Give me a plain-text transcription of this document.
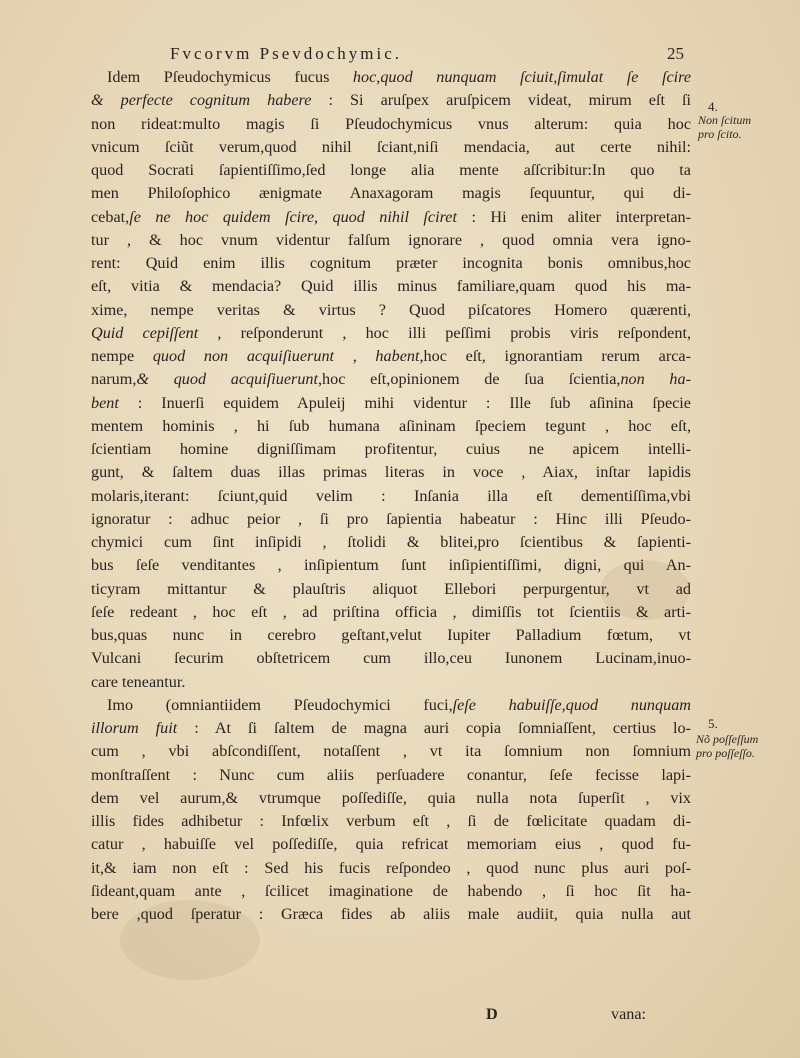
Fvcorvm Psevdochymic.	25
Idem Pſeudochymicus fucus hoc,quod nunquam ſciuit,ſimulat ſe ſcire
& perfecte cognitum habere : Si aruſpex aruſpicem videat, mirum eſt ſi
non rideat:multo magis ſi Pſeudochymicus vnus alterum: quia hoc
vnicum ſciũt verum,quod nihil ſciant,niſi mendacia, aut certe nihil:
quod Socrati ſapientiſſimo,ſed longe alia mente aſſcribitur:In quo ta
men Philoſophico ænigmate Anaxagoram magis ſequuntur, qui di-
cebat,ſe ne hoc quidem ſcire, quod nihil ſciret : Hi enim aliter interpretan-
tur , & hoc vnum videntur falſum ignorare , quod omnia vera igno-
rent: Quid enim illis cognitum præter incognita bonis omnibus,hoc
eſt, vitia & mendacia? Quid illis minus familiare,quam quod his ma-
xime, nempe veritas & virtus ? Quod piſcatores Homero quærenti,
Quid cepiſſent , reſponderunt , hoc illi peſſimi probis viris reſpondent,
nempe quod non acquiſiuerunt , habent,hoc eſt, ignorantiam rerum arca-
narum,& quod acquiſiuerunt,hoc eſt,opinionem de ſua ſcientia,non ha-
bent : Inuerſi equidem Apuleij mihi videntur : Ille ſub aſinina ſpecie
mentem hominis , hi ſub humana aſininam ſpeciem tegunt , hoc eſt,
ſcientiam homine digniſſimam profitentur, cuius ne apicem intelli-
gunt, & ſaltem duas illas primas literas in voce , Aiax, inſtar lapidis
molaris,iterant: ſciunt,quid velim : Inſania illa eſt dementiſſima,vbi
ignoratur : adhuc peior , ſi pro ſapientia habeatur : Hinc illi Pſeudo-
chymici cum ſint inſipidi , ſtolidi & blitei,pro ſcientibus & ſapienti-
bus ſeſe venditantes , inſipientum ſunt inſipientiſſimi, digni, qui An-
ticyram mittantur & plauſtris aliquot Ellebori perpurgentur, vt ad
ſeſe redeant , hoc eſt , ad priſtina officia , dimiſſis tot ſcientiis & arti-
bus,quas nunc in cerebro geſtant,velut Iupiter Palladium fœtum, vt
Vulcani ſecurim obſtetricem cum illo,ceu Iunonem Lucinam,inuo-
care teneantur.
Imo (omniantiidem Pſeudochymici fuci,ſeſe habuiſſe,quod nunquam
illorum fuit : At ſi ſaltem de magna auri copia ſomniaſſent, certius lo-
cum , vbi abſcondiſſent, notaſſent , vt ita ſomnium non ſomnium
monſtraſſent : Nunc cum aliis perſuadere conantur, ſeſe fecisse lapi-
dem vel aurum,& vtrumque poſſediſſe, quia nulla nota ſuperſit , vix
illis fides adhibetur : Infœlix verbum eſt , ſi de fœlicitate quadam di-
catur , habuiſſe vel poſſediſſe, quia refricat memoriam eius , quod fu-
it,& iam non eſt : Sed his fucis reſpondeo , quod nunc plus auri poſ-
ſideant,quam ante , ſcilicet imaginatione de habendo , ſi hoc ſit ha-
bere ,quod ſperatur : Græca fides ab aliis male audiit, quia nulla aut
4.
Non ſcitum
pro ſcito.
5.
Nõ poſſeſſum
pro poſſeſſo.
D	vana:
